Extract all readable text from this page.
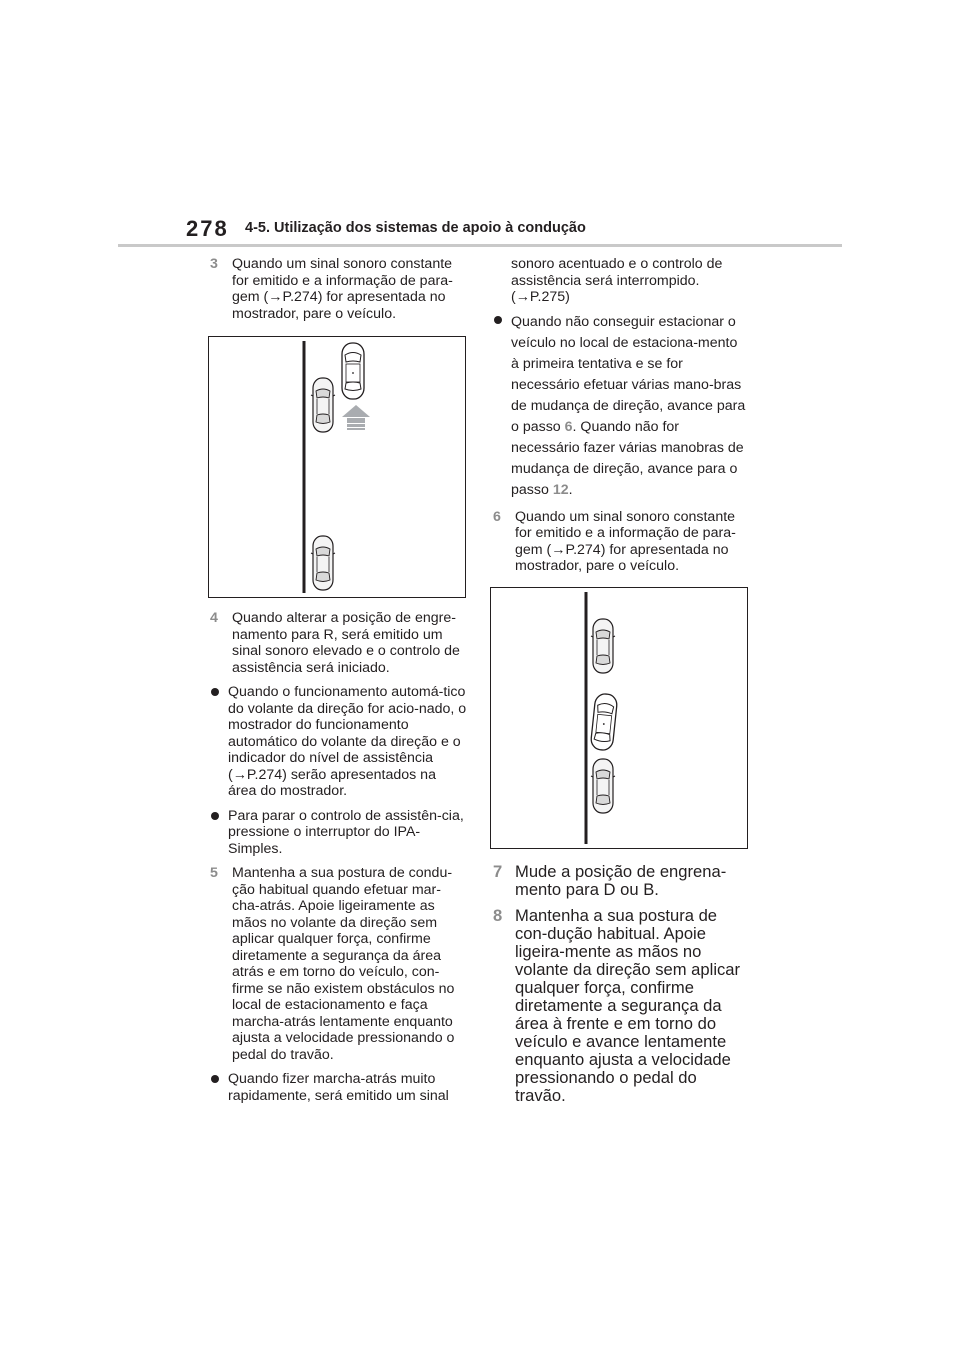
278 4-5. Utilização dos sistemas de apoio à condução
3 Quando um sinal sonoro constante for emitido e a informação de para-gem (→P.274) for apresentada no mostrador, pare o veículo.
4 Quando alterar a posição de engre-namento para R, será emitido um sinal sonoro elevado e o controlo de assistência será iniciado.
Quando o funcionamento automá-tico do volante da direção for acio-nado, o mostrador do funcionamento automático do volante da direção e o indicador do nível de assistência (→P.274) serão apresentados na área do mostrador.
Para parar o controlo de assistên-cia, pressione o interruptor do IPA-Simples.
5 Mantenha a sua postura de condu-ção habitual quando efetuar mar-cha-atrás. Apoie ligeiramente as mãos no volante da direção sem aplicar qualquer força, confirme diretamente a segurança da área atrás e em torno do veículo, con-firme se não existem obstáculos no local de estacionamento e faça marcha-atrás lentamente enquanto ajusta a velocidade pressionando o pedal do travão.
Quando fizer marcha-atrás muito rapidamente, será emitido um sinal
sonoro acentuado e o controlo de assistência será interrompido. (→P.275)
Quando não conseguir estacionar o veículo no local de estaciona-mento à primeira tentativa e se for necessário efetuar várias mano-bras de mudança de direção, avance para o passo 6. Quando não for necessário fazer várias manobras de mudança de direção, avance para o passo 12.
6 Quando um sinal sonoro constante for emitido e a informação de para-gem (→P.274) for apresentada no mostrador, pare o veículo.
7 Mude a posição de engrena-mento para D ou B.
8 Mantenha a sua postura de con-dução habitual. Apoie ligeira-mente as mãos no volante da direção sem aplicar qualquer força, confirme diretamente a segurança da área à frente e em torno do veículo e avance lentamente enquanto ajusta a velocidade pressionando o pedal do travão.
